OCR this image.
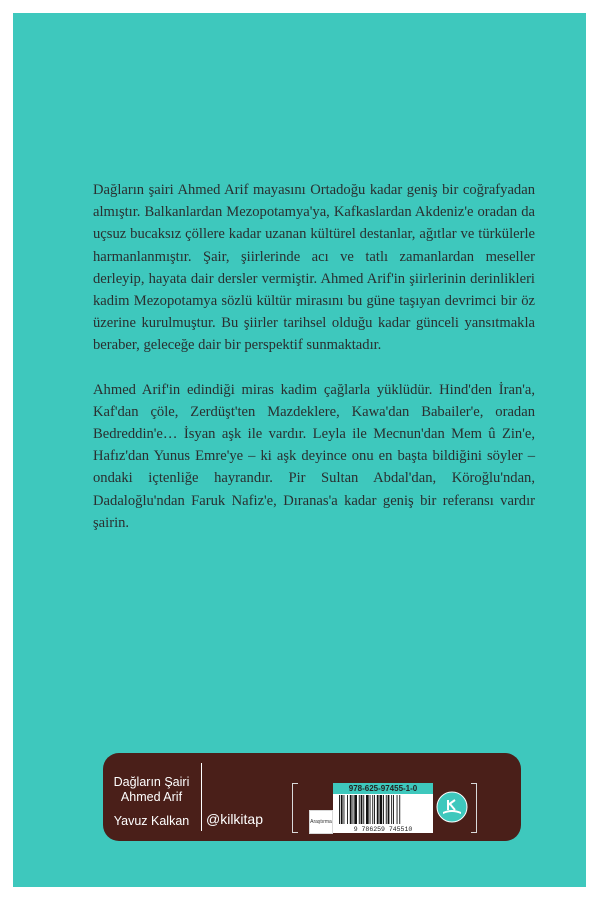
Dağların şairi Ahmed Arif mayasını Ortadoğu kadar geniş bir coğrafyadan almıştır. Balkanlardan Mezopotamya'ya, Kafkaslardan Akdeniz'e oradan da uçsuz bucaksız çöllere kadar uzanan kültürel destanlar, ağıtlar ve türkülerle harmanlanmıştır. Şair, şiirlerinde acı ve tatlı zamanlardan meseller derleyip, hayata dair dersler vermiştir. Ahmed Arif'in şiirlerinin derinlikleri kadim Mezopotamya sözlü kültür mirasını bu güne taşıyan devrimci bir öz üzerine kurulmuştur. Bu şiirler tarihsel olduğu kadar günceli yansıtmakla beraber, geleceğe dair bir perspektif sunmaktadır.

Ahmed Arif'in edindiği miras kadim çağlarla yüklüdür. Hind'den İran'a, Kaf'dan çöle, Zerdüşt'ten Mazdeklere, Kawa'dan Babailer'e, oradan Bedreddin'e… İsyan aşk ile vardır. Leyla ile Mecnun'dan Mem û Zin'e, Hafız'dan Yunus Emre'ye – ki aşk deyince onu en başta bildiğini söyler – ondaki içtenliğe hayrandır. Pir Sultan Abdal'dan, Köroğlu'ndan, Dadaloğlu'ndan Faruk Nafiz'e, Dıranas'a kadar geniş bir referansı vardır şairin.

Dağların Şairi
Ahmed Arif
Yavuz Kalkan	@kilkitap	Araştırma
978-625-97455-1-0
9 786259 745510
